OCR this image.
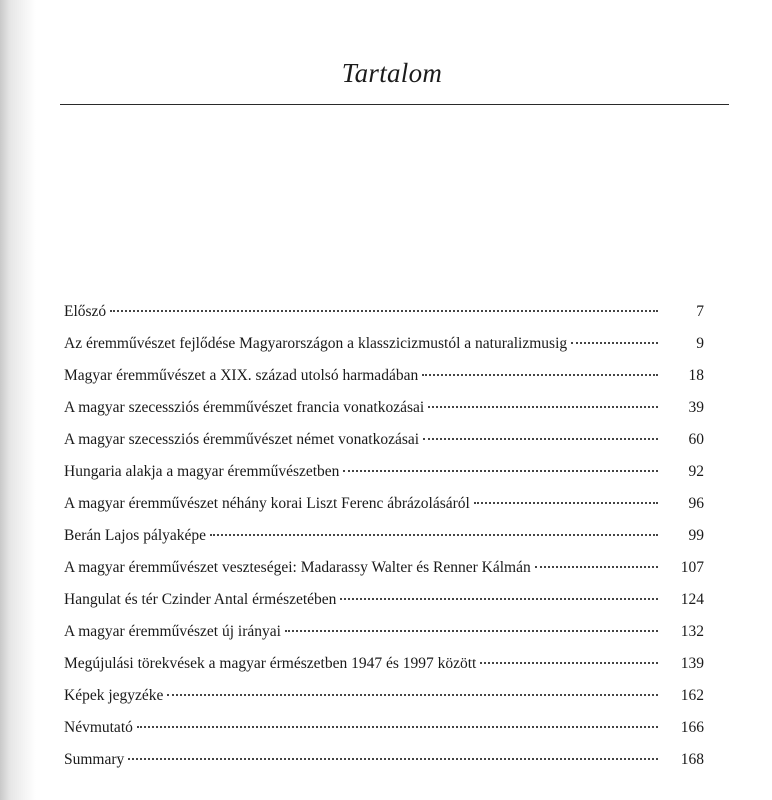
Tartalom
Előszó	7
Az éremművészet fejlődése Magyarországon a klasszicizmustól a naturalizmusig	9
Magyar éremművészet a XIX. század utolsó harmadában	18
A magyar szecessziós éremművészet francia vonatkozásai	39
A magyar szecessziós éremművészet német vonatkozásai	60
Hungaria alakja a magyar éremművészetben	92
A magyar éremművészet néhány korai Liszt Ferenc ábrázolásáról	96
Berán Lajos pályaképe	99
A magyar éremművészet veszteségei: Madarassy Walter és Renner Kálmán	107
Hangulat és tér Czinder Antal érmészetében	124
A magyar éremművészet új irányai	132
Megújulási törekvések a magyar érmészetben 1947 és 1997 között	139
Képek jegyzéke	162
Névmutató	166
Summary	168
